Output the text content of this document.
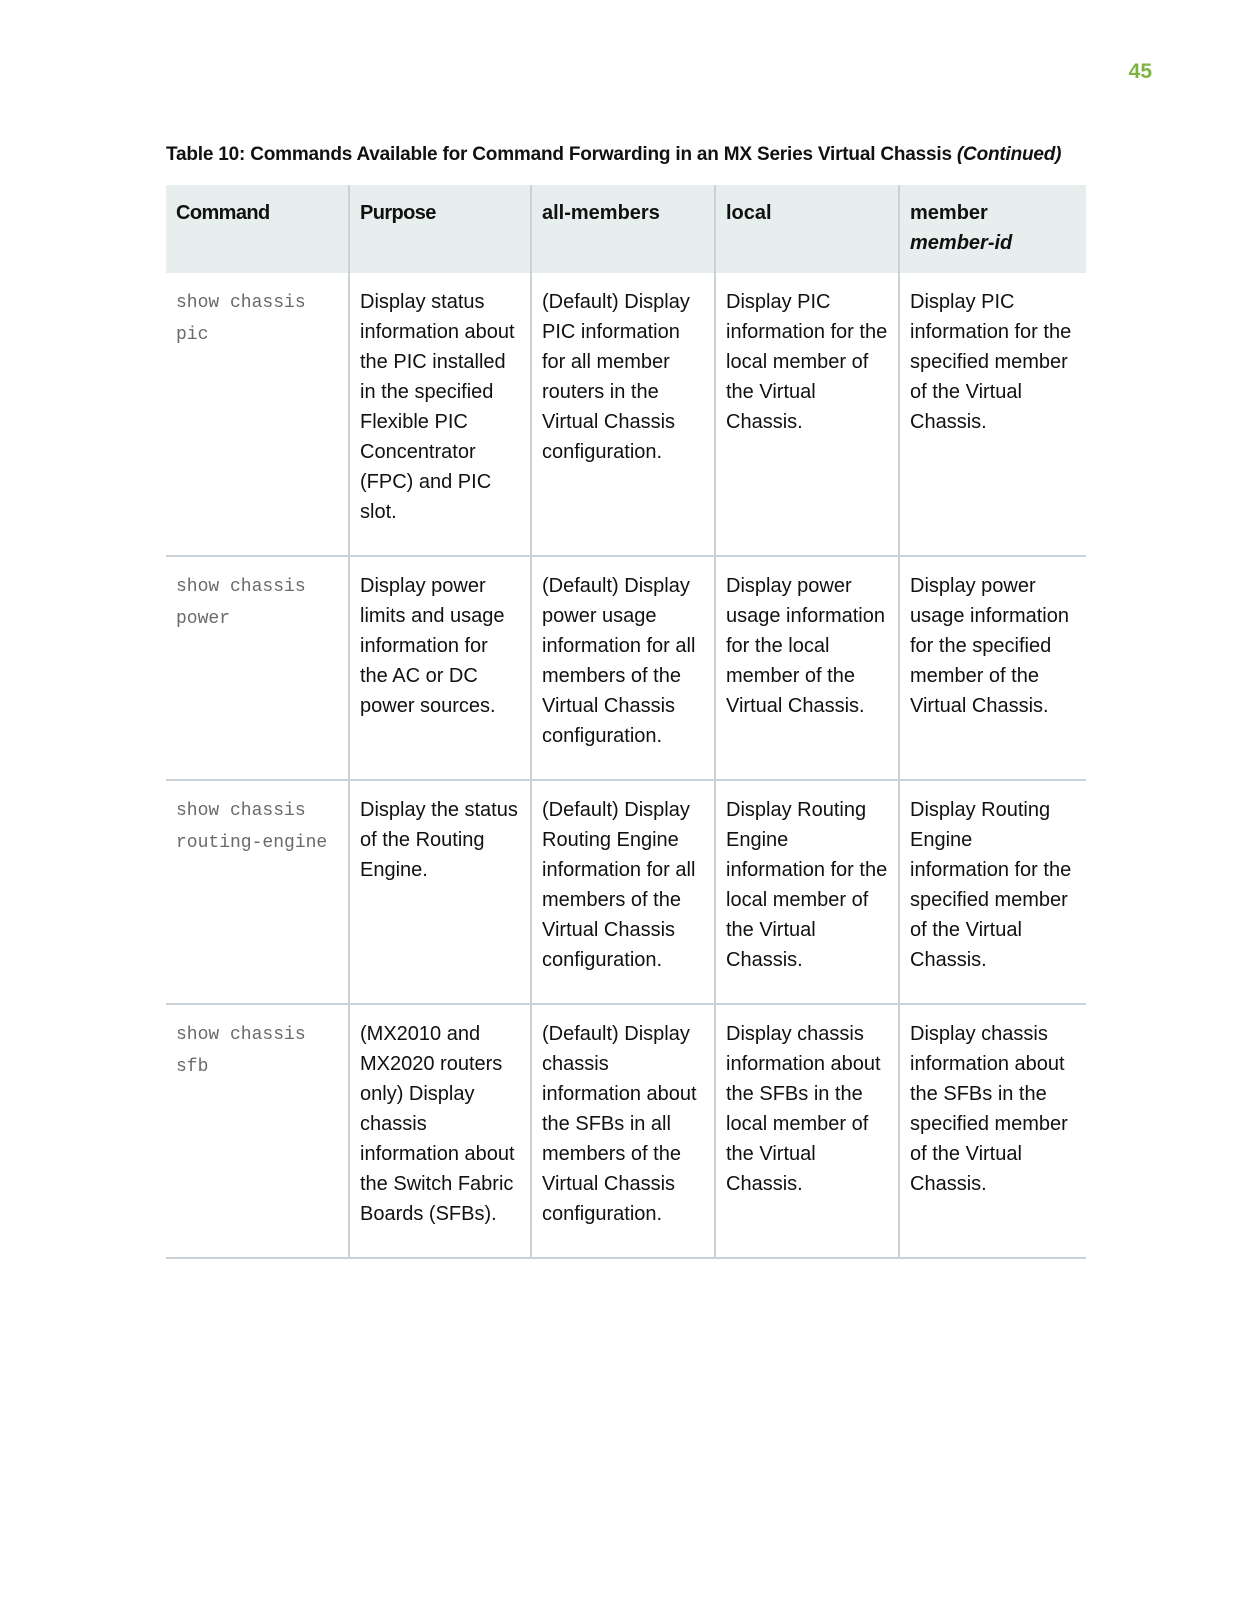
45
Table 10: Commands Available for Command Forwarding in an MX Series Virtual Chassis (Continued)
Command	Purpose	all-members	local	member member-id

show chassis
pic	Display status information about the PIC installed in the specified Flexible PIC Concentrator (FPC) and PIC slot.	(Default) Display PIC information for all member routers in the Virtual Chassis configuration.	Display PIC information for the local member of the Virtual Chassis.	Display PIC information for the specified member of the Virtual Chassis.

show chassis
power	Display power limits and usage information for the AC or DC power sources.	(Default) Display power usage information for all members of the Virtual Chassis configuration.	Display power usage information for the local member of the Virtual Chassis.	Display power usage information for the specified member of the Virtual Chassis.

show chassis
routing-engine	Display the status of the Routing Engine.	(Default) Display Routing Engine information for all members of the Virtual Chassis configuration.	Display Routing Engine information for the local member of the Virtual Chassis.	Display Routing Engine information for the specified member of the Virtual Chassis.

show chassis
sfb	(MX2010 and MX2020 routers only) Display chassis information about the Switch Fabric Boards (SFBs).	(Default) Display chassis information about the SFBs in all members of the Virtual Chassis configuration.	Display chassis information about the SFBs in the local member of the Virtual Chassis.	Display chassis information about the SFBs in the specified member of the Virtual Chassis.
